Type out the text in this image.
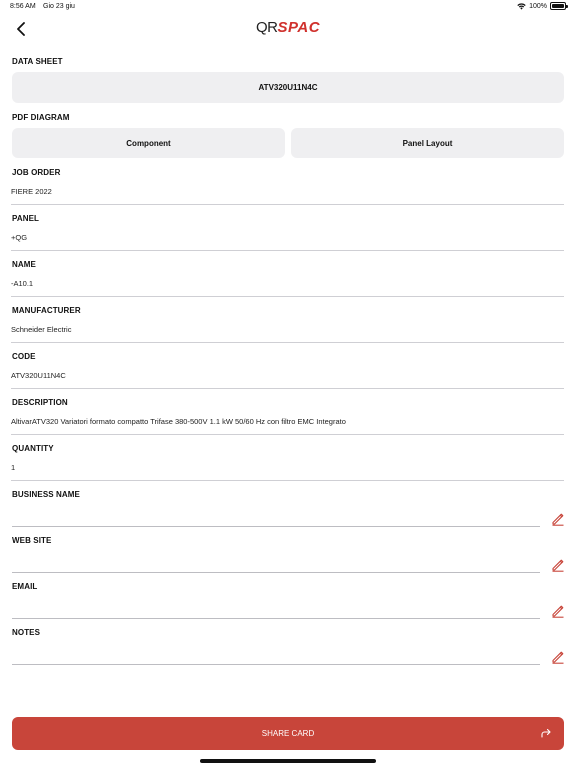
8:56 AM Gio 23 giu	100%
QRSPAC
DATA SHEET
ATV320U11N4C
PDF DIAGRAM
Component	Panel Layout
JOB ORDER
FIERE 2022
PANEL
+QG
NAME
-A10.1
MANUFACTURER
Schneider Electric
CODE
ATV320U11N4C
DESCRIPTION
AltivarATV320 Variatori formato compatto Trifase 380-500V 1.1 kW 50/60 Hz con filtro EMC Integrato
QUANTITY
1
BUSINESS NAME
WEB SITE
EMAIL
NOTES
SHARE CARD
